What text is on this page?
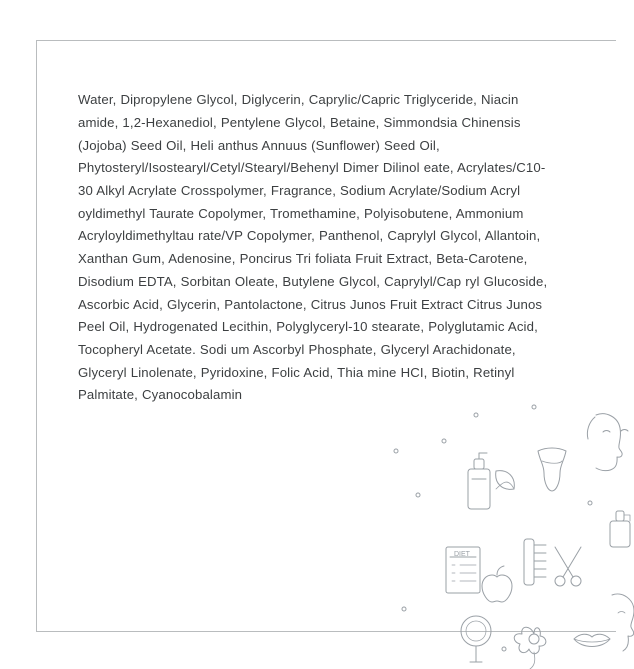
Water, Dipropylene Glycol, Diglycerin, Caprylic/Capric Triglyceride, Niacin amide, 1,2-Hexanediol, Pentylene Glycol, Betaine, Simmondsia Chinensis (Jojoba) Seed Oil, Heli anthus Annuus (Sunflower) Seed Oil, Phytosteryl/Isostearyl/Cetyl/Stearyl/Behenyl Dimer Dilinol eate, Acrylates/C10-30 Alkyl Acrylate Crosspolymer, Fragrance, Sodium Acrylate/Sodium Acryl oyldimethyl Taurate Copolymer, Tromethamine, Polyisobutene, Ammonium Acryloyldimethyltau rate/VP Copolymer, Panthenol, Caprylyl Glycol, Allantoin, Xanthan Gum, Adenosine, Poncirus Tri foliata Fruit Extract, Beta-Carotene, Disodium EDTA, Sorbitan Oleate, Butylene Glycol, Caprylyl/Cap ryl Glucoside, Ascorbic Acid, Glycerin, Pantolactone, Citrus Junos Fruit Extract Citrus Junos Peel Oil, Hydrogenated Lecithin, Polyglyceryl-10 stearate, Polyglutamic Acid, Tocopheryl Acetate. Sodi um Ascorbyl Phosphate, Glyceryl Arachidonate, Glyceryl Linolenate, Pyridoxine, Folic Acid, Thia mine HCI, Biotin, Retinyl Palmitate, Cyanocobalamin

DIET
